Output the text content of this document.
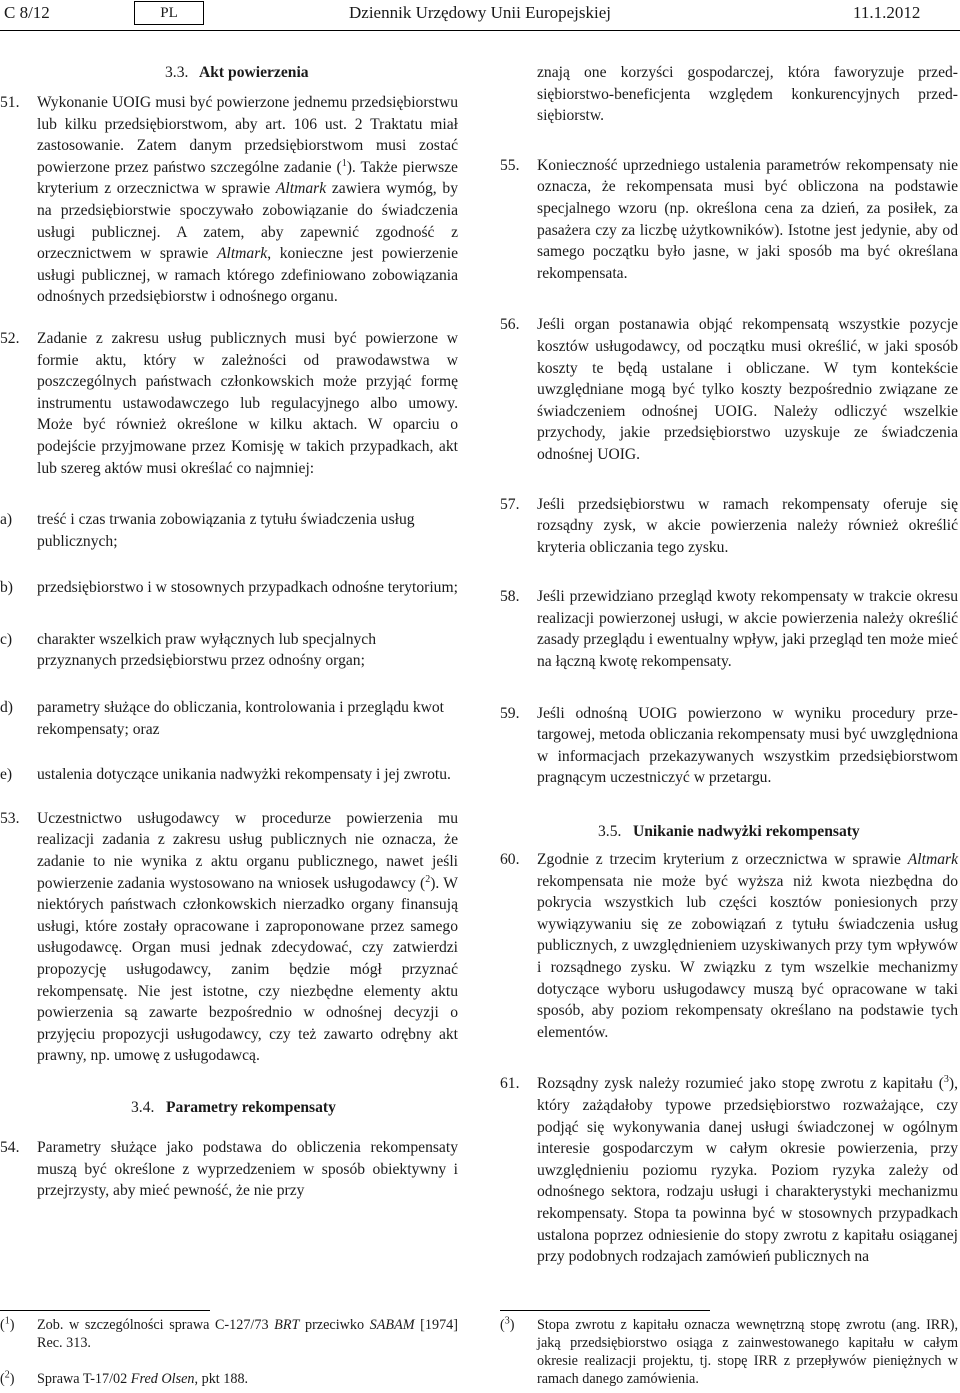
C 8/12	PL	Dziennik Urzędowy Unii Europejskiej	11.1.2012
3.3. Akt powierzenia
51. Wykonanie UOIG musi być powierzone jednemu przedsiębiorstwu lub kilku przedsiębiorstwom, aby art. 106 ust. 2 Traktatu miał zastosowanie. Zatem danym przedsiębiorstwom musi zostać powierzone przez państwo szczególne zadanie ($^1$). Także pierwsze kryterium z orzecznictwa w sprawie Altmark zawiera wymóg, by na przedsiębiorstwie spoczywało zobowiązanie do świadczenia usługi publicznej. A zatem, aby zapewnić zgodność z orzecznictwem w sprawie Altmark, konieczne jest powierzenie usługi publicznej, w ramach którego zdefiniowano zobowiązania odnośnych przedsiębiorstw i odnośnego organu.
52. Zadanie z zakresu usług publicznych musi być powierzone w formie aktu, który w zależności od prawodawstwa w poszczególnych państwach członkowskich może przyjąć formę instrumentu ustawodawczego lub regulacyjnego albo umowy. Może być również określone w kilku aktach. W oparciu o podejście przyjmowane przez Komisję w takich przypadkach, akt lub szereg aktów musi określać co najmniej:
a) treść i czas trwania zobowiązania z tytułu świadczenia usług publicznych;
b) przedsiębiorstwo i w stosownych przypadkach odnośne terytorium;
c) charakter wszelkich praw wyłącznych lub specjalnych przyznanych przedsiębiorstwu przez odnośny organ;
d) parametry służące do obliczania, kontrolowania i przeglądu kwot rekompensaty; oraz
e) ustalenia dotyczące unikania nadwyżki rekompensaty i jej zwrotu.
53. Uczestnictwo usługodawcy w procedurze powierzenia mu realizacji zadania z zakresu usług publicznych nie oznacza, że zadanie to nie wynika z aktu organu publicznego, nawet jeśli powierzenie zadania wystosowano na wniosek usługodawcy ($^2$). W niektórych państwach członkowskich nierzadko organy finansują usługi, które zostały opracowane i zaproponowane przez samego usługodawcę. Organ musi jednak zdecydować, czy zatwierdzi propozycję usługodawcy, zanim będzie mógł przyznać rekompensatę. Nie jest istotne, czy niezbędne elementy aktu powierzenia są zawarte bezpośrednio w odnośnej decyzji o przyjęciu propozycji usługodawcy, czy też zawarto odrębny akt prawny, np. umowę z usługodawcą.
3.4. Parametry rekompensaty
54. Parametry służące jako podstawa do obliczenia rekompensaty muszą być określone z wyprzedzeniem w sposób obiektywny i przejrzysty, aby mieć pewność, że nie przy
znają one korzyści gospodarczej, która faworyzuje przedsiębiorstwo-beneficjenta względem konkurencyjnych przedsiębiorstw.
55. Konieczność uprzedniego ustalenia parametrów rekompensaty nie oznacza, że rekompensata musi być obliczona na podstawie specjalnego wzoru (np. określona cena za dzień, za posiłek, za pasażera czy za liczbę użytkowników). Istotne jest jedynie, aby od samego początku było jasne, w jaki sposób ma być określana rekompensata.
56. Jeśli organ postanawia objąć rekompensatą wszystkie pozycje kosztów usługodawcy, od początku musi określić, w jaki sposób koszty te będą ustalane i obliczane. W tym kontekście uwzględniane mogą być tylko koszty bezpośrednio związane ze świadczeniem odnośnej UOIG. Należy odliczyć wszelkie przychody, jakie przedsiębiorstwo uzyskuje ze świadczenia odnośnej UOIG.
57. Jeśli przedsiębiorstwu w ramach rekompensaty oferuje się rozsądny zysk, w akcie powierzenia należy również określić kryteria obliczania tego zysku.
58. Jeśli przewidziano przegląd kwoty rekompensaty w trakcie okresu realizacji powierzonej usługi, w akcie powierzenia należy określić zasady przeglądu i ewentualny wpływ, jaki przegląd ten może mieć na łączną kwotę rekompensaty.
59. Jeśli odnośną UOIG powierzono w wyniku procedury przetargowej, metoda obliczania rekompensaty musi być uwzględniona w informacjach przekazywanych wszystkim przedsiębiorstwom pragnącym uczestniczyć w przetargu.
3.5. Unikanie nadwyżki rekompensaty
60. Zgodnie z trzecim kryterium z orzecznictwa w sprawie Altmark rekompensata nie może być wyższa niż kwota niezbędna do pokrycia wszystkich lub części kosztów poniesionych przy wywiązywaniu się ze zobowiązań z tytułu świadczenia usług publicznych, z uwzględnieniem uzyskiwanych przy tym wpływów i rozsądnego zysku. W związku z tym wszelkie mechanizmy dotyczące wyboru usługodawcy muszą być opracowane w taki sposób, aby poziom rekompensaty określano na podstawie tych elementów.
61. Rozsądny zysk należy rozumieć jako stopę zwrotu z kapitału ($^3$), który zażądałoby typowe przedsiębiorstwo rozważające, czy podjąć się wykonywania danej usługi świadczonej w ogólnym interesie gospodarczym w całym okresie powierzenia, przy uwzględnieniu poziomu ryzyka. Poziom ryzyka zależy od odnośnego sektora, rodzaju usługi i charakterystyki mechanizmu rekompensaty. Stopa ta powinna być w stosownych przypadkach ustalona poprzez odniesienie do stopy zwrotu z kapitału osiąganej przy podobnych rodzajach zamówień publicznych na
($^1$)	Zob. w szczególności sprawa C-127/73 BRT przeciwko SABAM [1974] Rec. 313.
($^2$)	Sprawa T-17/02 Fred Olsen, pkt 188.
($^3$)	Stopa zwrotu z kapitału oznacza wewnętrzną stopę zwrotu (ang. IRR), jaką przedsiębiorstwo osiąga z zainwestowanego kapitału w całym okresie realizacji projektu, tj. stopę IRR z przepływów pieniężnych w ramach danego zamówienia.
